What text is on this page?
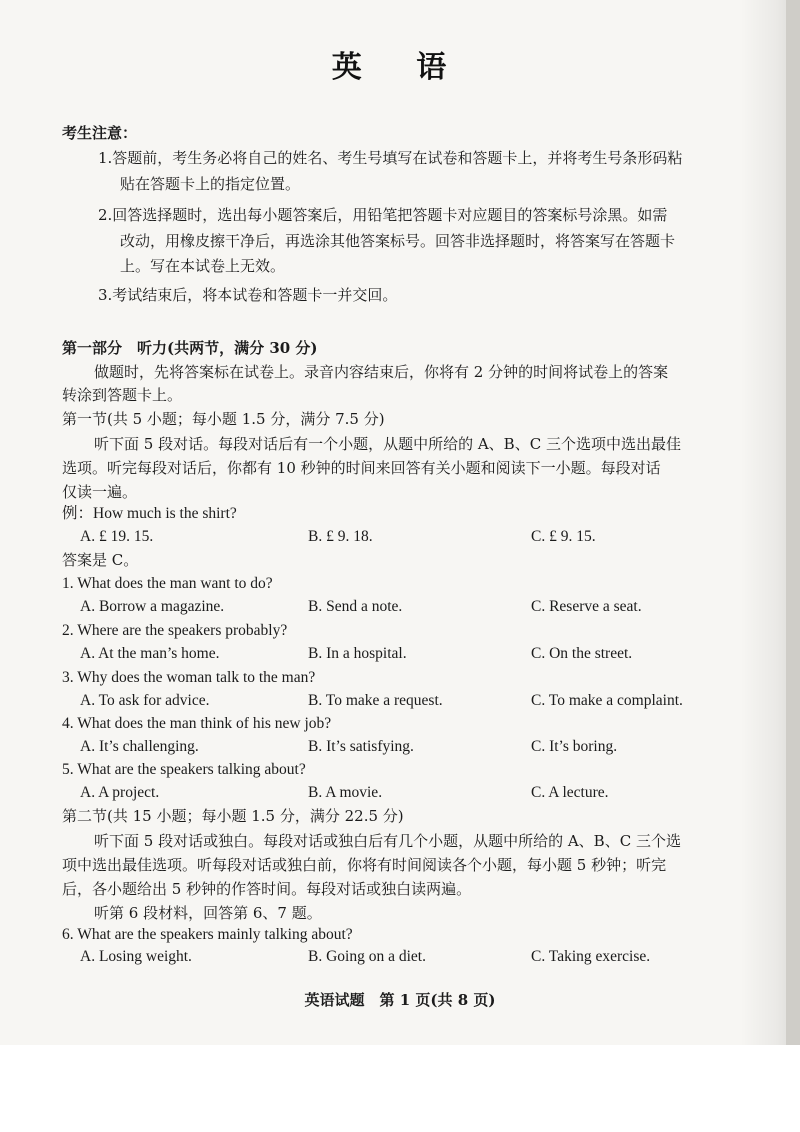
英 语
考生注意：
1.答题前，考生务必将自己的姓名、考生号填写在试卷和答题卡上，并将考生号条形码粘
贴在答题卡上的指定位置。
2.回答选择题时，选出每小题答案后，用铅笔把答题卡对应题目的答案标号涂黑。如需
改动，用橡皮擦干净后，再选涂其他答案标号。回答非选择题时，将答案写在答题卡
上。写在本试卷上无效。
3.考试结束后，将本试卷和答题卡一并交回。
第一部分　听力(共两节，满分 30 分)
做题时，先将答案标在试卷上。录音内容结束后，你将有 2 分钟的时间将试卷上的答案
转涂到答题卡上。
第一节(共 5 小题；每小题 1.5 分，满分 7.5 分)
听下面 5 段对话。每段对话后有一个小题，从题中所给的 A、B、C 三个选项中选出最佳
选项。听完每段对话后，你都有 10 秒钟的时间来回答有关小题和阅读下一小题。每段对话
仅读一遍。
例：How much is the shirt?
A. £ 19. 15.	B. £ 9. 18.	C. £ 9. 15.
答案是 C。
1. What does the man want to do?
A. Borrow a magazine.	B. Send a note.	C. Reserve a seat.
2. Where are the speakers probably?
A. At the man’s home.	B. In a hospital.	C. On the street.
3. Why does the woman talk to the man?
A. To ask for advice.	B. To make a request.	C. To make a complaint.
4. What does the man think of his new job?
A. It’s challenging.	B. It’s satisfying.	C. It’s boring.
5. What are the speakers talking about?
A. A project.	B. A movie.	C. A lecture.
第二节(共 15 小题；每小题 1.5 分，满分 22.5 分)
听下面 5 段对话或独白。每段对话或独白后有几个小题，从题中所给的 A、B、C 三个选
项中选出最佳选项。听每段对话或独白前，你将有时间阅读各个小题，每小题 5 秒钟；听完
后，各小题给出 5 秒钟的作答时间。每段对话或独白读两遍。
听第 6 段材料，回答第 6、7 题。
6. What are the speakers mainly talking about?
A. Losing weight.	B. Going on a diet.	C. Taking exercise.
英语试题　第 1 页(共 8 页)
